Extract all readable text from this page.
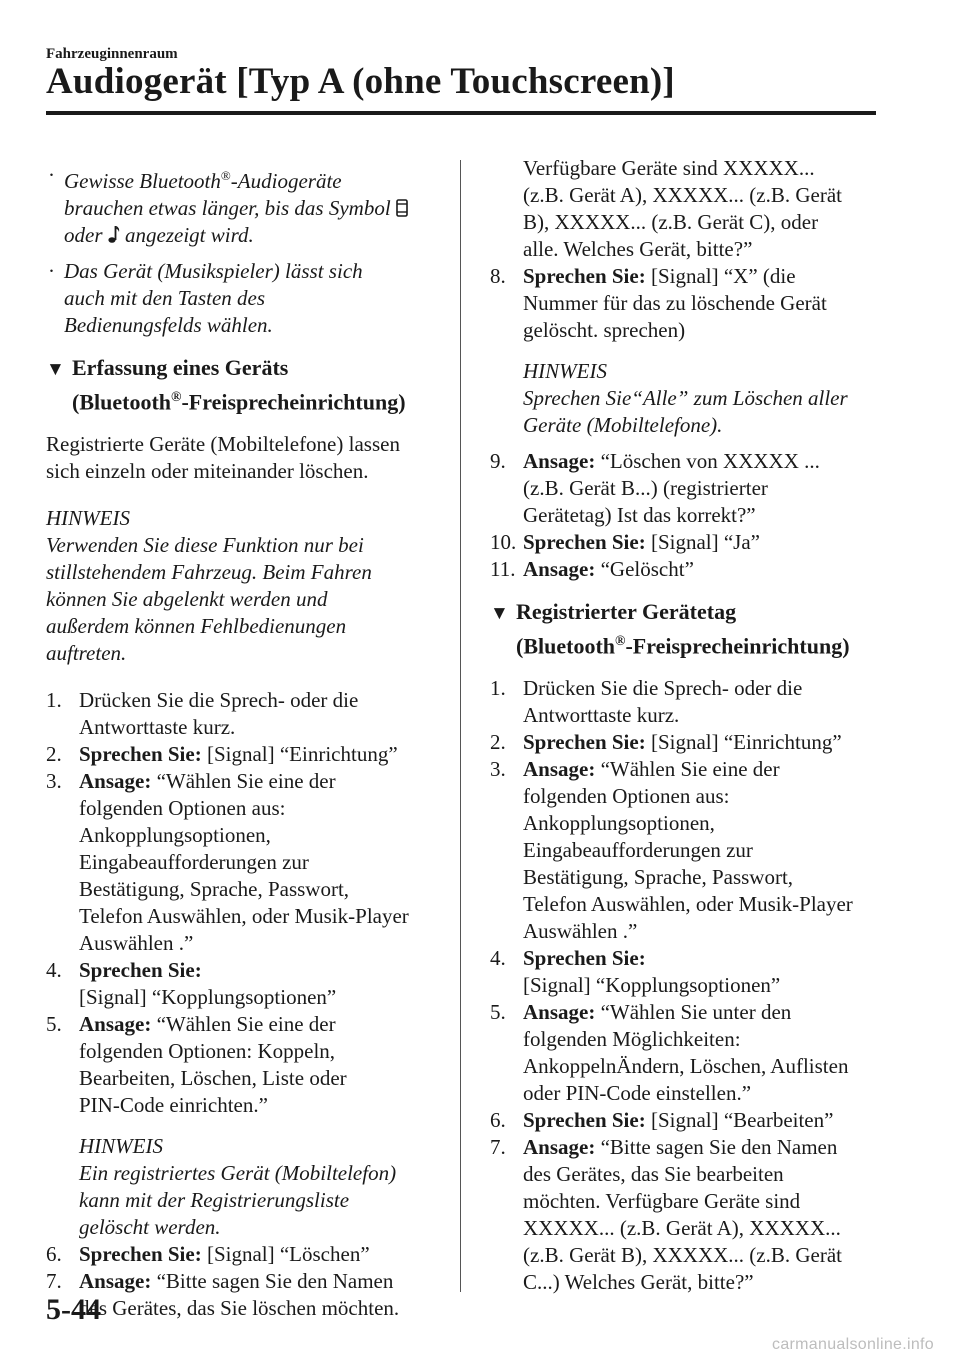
Fahrzeuginnenraum
Audiogerät [Typ A (ohne Touchscreen)]
· Gewisse Bluetooth®-Audiogeräte

brauchen etwas länger, bis das Symbol

oder angezeigt wird.

· Das Gerät (Musikspieler) lässt sich

auch mit den Tasten des

Bedienungsfelds wählen.

▼ Erfassung eines Geräts
(Bluetooth®-Freisprecheinrichtung)

Registrierte Geräte (Mobiltelefone) lassen

sich einzeln oder miteinander löschen.

HINWEIS

Verwenden Sie diese Funktion nur bei

stillstehendem Fahrzeug. Beim Fahren

können Sie abgelenkt werden und

außerdem können Fehlbedienungen

auftreten.

1. Drücken Sie die Sprech- oder die

Antworttaste kurz.

2. Sprechen Sie: [Signal] “Einrichtung”

3. Ansage: “Wählen Sie eine der

folgenden Optionen aus:

Ankopplungsoptionen,

Eingabeaufforderungen zur

Bestätigung, Sprache, Passwort,

Telefon Auswählen, oder Musik-Player

Auswählen .”

4. Sprechen Sie:

[Signal] “Kopplungsoptionen”

5. Ansage: “Wählen Sie eine der

folgenden Optionen: Koppeln,

Bearbeiten, Löschen, Liste oder

PIN-Code einrichten.”

HINWEIS

Ein registriertes Gerät (Mobiltelefon)

kann mit der Registrierungsliste

gelöscht werden.

6. Sprechen Sie: [Signal] “Löschen”

7. Ansage: “Bitte sagen Sie den Namen

des Gerätes, das Sie löschen möchten.

Verfügbare Geräte sind XXXXX...

(z.B. Gerät A), XXXXX... (z.B. Gerät

B), XXXXX... (z.B. Gerät C), oder

alle. Welches Gerät, bitte?”

8. Sprechen Sie: [Signal] “X” (die

Nummer für das zu löschende Gerät

gelöscht. sprechen)

HINWEIS

Sprechen Sie“Alle” zum Löschen aller

Geräte (Mobiltelefone).

9. Ansage: “Löschen von XXXXX ...

(z.B. Gerät B...) (registrierter

Gerätetag) Ist das korrekt?”

10. Sprechen Sie: [Signal] “Ja”

11. Ansage: “Gelöscht”

▼ Registrierter Gerätetag
(Bluetooth®-Freisprecheinrichtung)
1. Drücken Sie die Sprech- oder die

Antworttaste kurz.

2. Sprechen Sie: [Signal] “Einrichtung”

3. Ansage: “Wählen Sie eine der

folgenden Optionen aus:

Ankopplungsoptionen,

Eingabeaufforderungen zur

Bestätigung, Sprache, Passwort,

Telefon Auswählen, oder Musik-Player

Auswählen .”

4. Sprechen Sie:

[Signal] “Kopplungsoptionen”

5. Ansage: “Wählen Sie unter den

folgenden Möglichkeiten:

AnkoppelnÄndern, Löschen, Auflisten

oder PIN-Code einstellen.”

6. Sprechen Sie: [Signal] “Bearbeiten”

7. Ansage: “Bitte sagen Sie den Namen

des Gerätes, das Sie bearbeiten

möchten. Verfügbare Geräte sind

XXXXX... (z.B. Gerät A), XXXXX...

(z.B. Gerät B), XXXXX... (z.B. Gerät

C...) Welches Gerät, bitte?”

5-44
carmanualsonline.info
